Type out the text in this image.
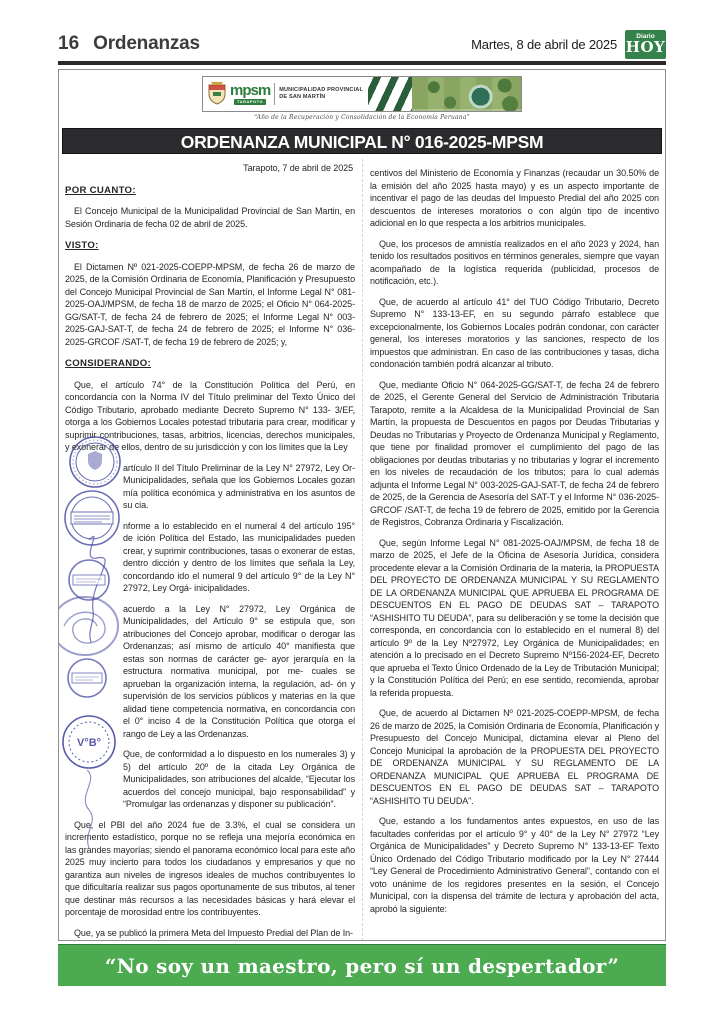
16 Ordenanzas	Martes, 8 de abril de 2025	Diario
HOY
mpsm
TARAPOTO
MUNICIPALIDAD PROVINCIAL
DE SAN MARTÍN
“Año de la Recuperación y Consolidación de la Economía Peruana”
ORDENANZA MUNICIPAL N° 016-2025-MPSM

Tarapoto, 7 de abril de 2025

POR CUANTO:

El Concejo Municipal de la Municipalidad Provincial de San Martin, en Sesión Ordinaria de fecha 02 de abril de 2025.

VISTO:

El Dictamen Nº 021-2025-COEPP-MPSM, de fecha 26 de marzo de 2025, de la Comisión Ordinaria de Economía, Planificación y Presupuesto del Concejo Municipal Provincial de San Martín, el Informe Legal N° 081-2025-OAJ/MPSM, de fecha 18 de marzo de 2025; el Oficio N° 064-2025-GG/SAT-T, de fecha 24 de febrero de 2025; el Informe Legal N° 003-2025-GAJ-SAT-T, de fecha 24 de febrero de 2025; el Informe N° 036-2025-GRCOF /SAT-T, de fecha 19 de febrero de 2025; y,

CONSIDERANDO:

Que, el artículo 74° de la Constitución Política del Perú, en concordancia con la Norma IV del Título preliminar del Texto Único del Código Tributario, aprobado mediante Decreto Supremo N° 133- 3/EF, otorga a los Gobiernos Locales potestad tributaria para crear, modificar y suprimir contribuciones, tasas, arbitrios, licencias, derechos municipales, y exonerar de ellos, dentro de su jurisdicción y con los límites que la Ley

artículo II del Título Preliminar de la Ley N° 27972, Ley Or- Municipalidades, señala que los Gobiernos Locales gozan mía política económica y administrativa en los asuntos de su cia.

nforme a lo establecido en el numeral 4 del artículo 195° de ición Política del Estado, las municipalidades pueden crear, y suprimir contribuciones, tasas o exonerar de estas, dentro dicción y dentro de los límites que señala la Ley, concordando ido el numeral 9 del artículo 9° de la Ley N° 27972, Ley Orgá- inicipalidades.

acuerdo a la Ley N° 27972, Ley Orgánica de Municipalidades, del Artículo 9° se estipula que, son atribuciones del Concejo aprobar, modificar o derogar las Ordenanzas; así mismo de artículo 40° manifiesta que estas son normas de carácter ge- ayor jerarquía en la estructura normativa municipal, por me- cuales se aprueban la organización interna, la regulación, ad- ón y supervisión de los servicios públicos y materias en la que alidad tiene competencia normativa, en concordancia con el 0° inciso 4 de la Constitución Política que otorga el rango de Ley a las Ordenanzas.

Que, de conformidad a lo dispuesto en los numerales 3) y 5) del artículo 20º de la citada Ley Orgánica de Municipalidades, son atribuciones del alcalde, “Ejecutar los acuerdos del concejo municipal, bajo responsabilidad” y “Promulgar las ordenanzas y disponer su publicación”.

Que, el PBI del año 2024 fue de 3.3%, el cual se considera un incremento estadístico, porque no se refleja una mejoría económica en las grandes mayorías; siendo el panorama económico local para este año 2025 muy incierto para todos los ciudadanos y empresarios y que no garantiza aun niveles de ingresos ideales de muchos contribuyentes lo que dificultaría realizar sus pagos oportunamente de sus tributos, al tener que destinar más recursos a las necesidades básicas y hará elevar el porcentaje de morosidad entre los contribuyentes.

Que, ya se publicó la primera Meta del Impuesto Predial del Plan de In-

centivos del Ministerio de Economía y Finanzas (recaudar un 30.50% de la emisión del año 2025 hasta mayo) y es un aspecto importante de incentivar el pago de las deudas del Impuesto Predial del año 2025 con descuentos de intereses moratorios o con algún tipo de incentivo adicional en lo que respecta a los arbitrios municipales.

Que, los procesos de amnistía realizados en el año 2023 y 2024, han tenido los resultados positivos en términos generales, siempre que vayan acompañado de la logística requerida (publicidad, procesos de notificación, etc.).

Que, de acuerdo al artículo 41° del TUO Código Tributario, Decreto Supremo N° 133-13-EF, en su segundo párrafo establece que excepcionalmente, los Gobiernos Locales podrán condonar, con carácter general, los intereses moratorios y las sanciones, respecto de los impuestos que administran. En caso de las contribuciones y tasas, dicha condonación también podrá alcanzar al tributo.

Que, mediante Oficio N° 064-2025-GG/SAT-T, de fecha 24 de febrero de 2025, el Gerente General del Servicio de Administración Tributaria Tarapoto, remite a la Alcaldesa de la Municipalidad Provincial de San Martín, la propuesta de Descuentos en pagos por Deudas Tributarias y Deudas no Tributarias y Proyecto de Ordenanza Municipal y Reglamento, que tiene por finalidad promover el cumplimiento del pago de las obligaciones por deudas tributarias y no tributarias y lograr el incremento en los niveles de recaudación de los tributos; para lo cual además adjunta el Informe Legal N° 003-2025-GAJ-SAT-T, de fecha 24 de febrero de 2025, de la Gerencia de Asesoría del SAT-T y el Informe N° 036-2025-GRCOF /SAT-T, de fecha 19 de febrero de 2025, emitido por la Gerencia de Registros, Cobranza Ordinaria y Fiscalización.

Que, según Informe Legal N° 081-2025-OAJ/MPSM, de fecha 18 de marzo de 2025, el Jefe de la Oficina de Asesoría Jurídica, considera procedente elevar a la Comisión Ordinaria de la materia, la PROPUESTA DEL PROYECTO DE ORDENANZA MUNICIPAL Y SU REGLAMENTO DE LA ORDENANZA MUNICIPAL QUE APRUEBA EL PROGRAMA DE DESCUENTOS EN EL PAGO DE DEUDAS SAT – TARAPOTO “ASHISHITO TU DEUDA”, para su deliberación y se tome la decisión que corresponda, en concordancia con lo establecido en el numeral 8) del artículo 9º de la Ley Nº27972, Ley Orgánica de Municipalidades; en atención a lo precisado en el Decreto Supremo Nº156-2024-EF, Decreto que aprueba el Texto Único Ordenado de la Ley de Tributación Municipal; y la Constitución Política del Perú; en ese sentido, recomienda, aprobar la referida propuesta.

Que, de acuerdo al Dictamen Nº 021-2025-COEPP-MPSM, de fecha 26 de marzo de 2025, la Comisión Ordinaria de Economía, Planificación y Presupuesto del Concejo Municipal, dictamina elevar al Pleno del Concejo Municipal la aprobación de la PROPUESTA DEL PROYECTO DE ORDENANZA MUNICIPAL Y SU REGLAMENTO DE LA ORDENANZA MUNICIPAL QUE APRUEBA EL PROGRAMA DE DESCUENTOS EN EL PAGO DE DEUDAS SAT – TARAPOTO “ASHISHITO TU DEUDA”.

Que, estando a los fundamentos antes expuestos, en uso de las facultades conferidas por el artículo 9° y 40° de la Ley N° 27972 “Ley Orgánica de Municipalidades” y Decreto Supremo N° 133-13-EF Texto Único Ordenado del Código Tributario modificado por la Ley N° 27444 “Ley General de Procedimiento Administrativo General”, contando con el voto unánime de los regidores presentes en la sesión, el Concejo Municipal, con la dispensa del trámite de lectura y aprobación del acta, aprobó la siguiente:

V°B°
“No soy un maestro, pero sí un despertador”
